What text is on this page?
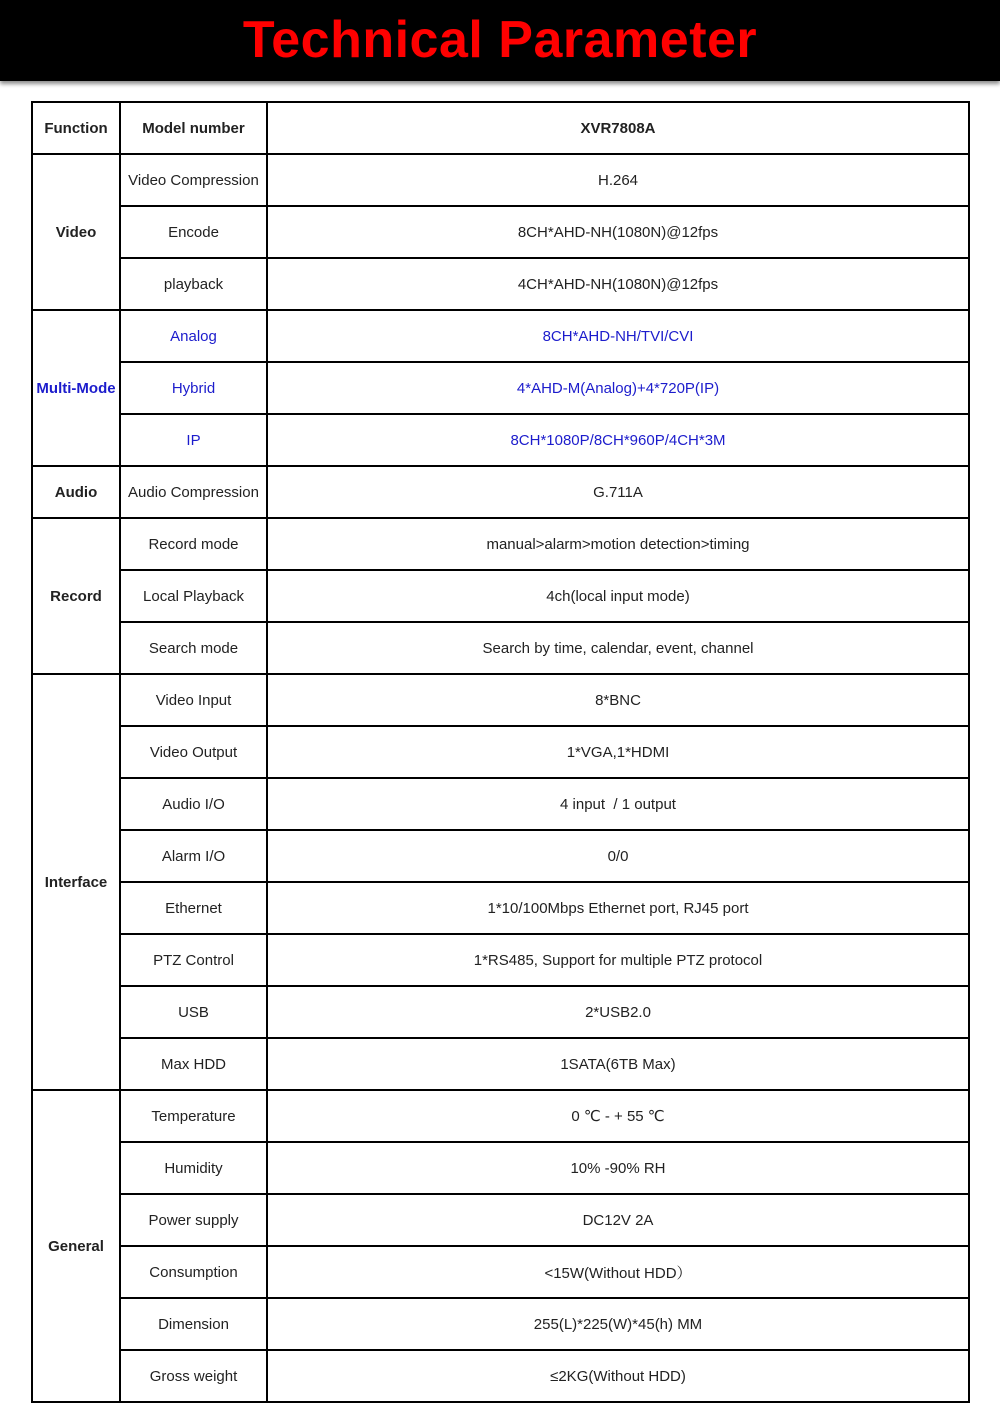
Technical Parameter
Function	Model number	XVR7808A
Video	Video Compression	H.264
	Encode	8CH*AHD-NH(1080N)@12fps
	playback	4CH*AHD-NH(1080N)@12fps
Multi-Mode	Analog	8CH*AHD-NH/TVI/CVI
	Hybrid	4*AHD-M(Analog)+4*720P(IP)
	IP	8CH*1080P/8CH*960P/4CH*3M
Audio	Audio Compression	G.711A
Record	Record mode	manual>alarm>motion detection>timing
	Local Playback	4ch(local input mode)
	Search mode	Search by time, calendar, event, channel
Interface	Video Input	8*BNC
	Video Output	1*VGA,1*HDMI
	Audio I/O	4 input  / 1 output
	Alarm I/O	0/0
	Ethernet	1*10/100Mbps Ethernet port, RJ45 port
	PTZ Control	1*RS485, Support for multiple PTZ protocol
	USB	2*USB2.0
	Max HDD	1SATA(6TB Max)
General	Temperature	0 ℃ - + 55 ℃
	Humidity	10% -90% RH
	Power supply	DC12V 2A
	Consumption	<15W(Without HDD）
	Dimension	255(L)*225(W)*45(h) MM
	Gross weight	≤2KG(Without HDD)
